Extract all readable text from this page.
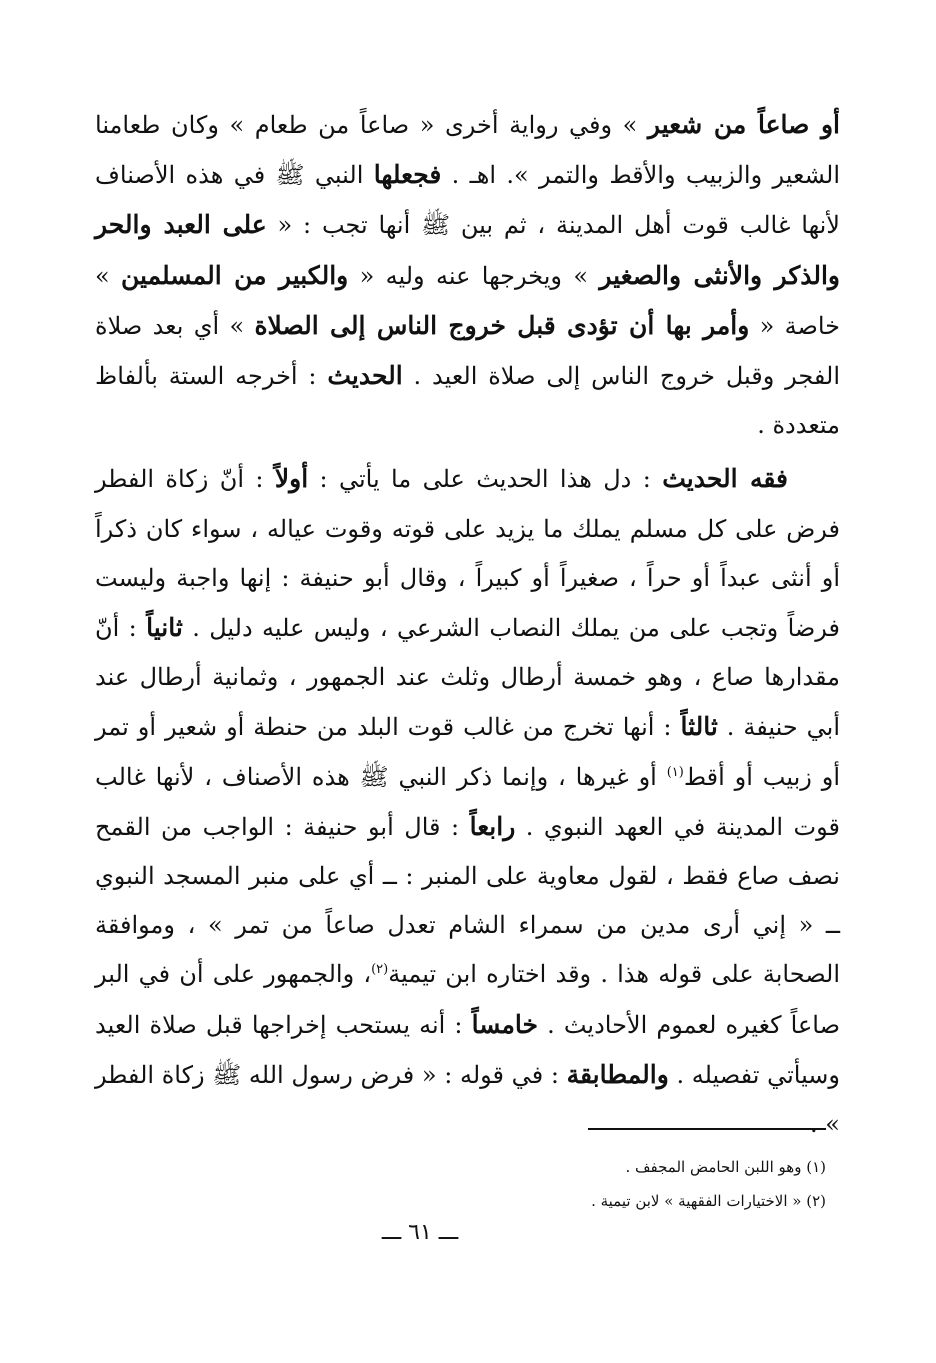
أو صاعاً من شعير » وفي رواية أخرى « صاعاً من طعام » وكان طعامنا الشعير والزبيب والأقط والتمر ». اهـ . فجعلها النبي ﷺ في هذه الأصناف لأنها غالب قوت أهل المدينة ، ثم بين ﷺ أنها تجب : « على العبد والحر والذكر والأنثى والصغير » ويخرجها عنه وليه « والكبير من المسلمين » خاصة « وأمر بها أن تؤدى قبل خروج الناس إلى الصلاة » أي بعد صلاة الفجر وقبل خروج الناس إلى صلاة العيد . الحديث : أخرجه الستة بألفاظ متعددة .

فقه الحديث : دل هذا الحديث على ما يأتي : أولاً : أنّ زكاة الفطر فرض على كل مسلم يملك ما يزيد على قوته وقوت عياله ، سواء كان ذكراً أو أنثى عبداً أو حراً ، صغيراً أو كبيراً ، وقال أبو حنيفة : إنها واجبة وليست فرضاً وتجب على من يملك النصاب الشرعي ، وليس عليه دليل . ثانياً : أنّ مقدارها صاع ، وهو خمسة أرطال وثلث عند الجمهور ، وثمانية أرطال عند أبي حنيفة . ثالثاً : أنها تخرج من غالب قوت البلد من حنطة أو شعير أو تمر أو زبيب أو أقط$^{(١)}$ أو غيرها ، وإنما ذكر النبي ﷺ هذه الأصناف ، لأنها غالب قوت المدينة في العهد النبوي . رابعاً : قال أبو حنيفة : الواجب من القمح نصف صاع فقط ، لقول معاوية على المنبر : ــ أي على منبر المسجد النبوي ــ « إني أرى مدين من سمراء الشام تعدل صاعاً من تمر » ، وموافقة الصحابة على قوله هذا . وقد اختاره ابن تيمية$^{(٢)}$، والجمهور على أن في البر صاعاً كغيره لعموم الأحاديث . خامساً : أنه يستحب إخراجها قبل صلاة العيد وسيأتي تفصيله . والمطابقة : في قوله : « فرض رسول الله ﷺ زكاة الفطر » .

(١) وهو اللبن الحامض المجفف .
(٢) « الاختيارات الفقهية » لابن تيمية .
ـــ ٦١ ـــ
